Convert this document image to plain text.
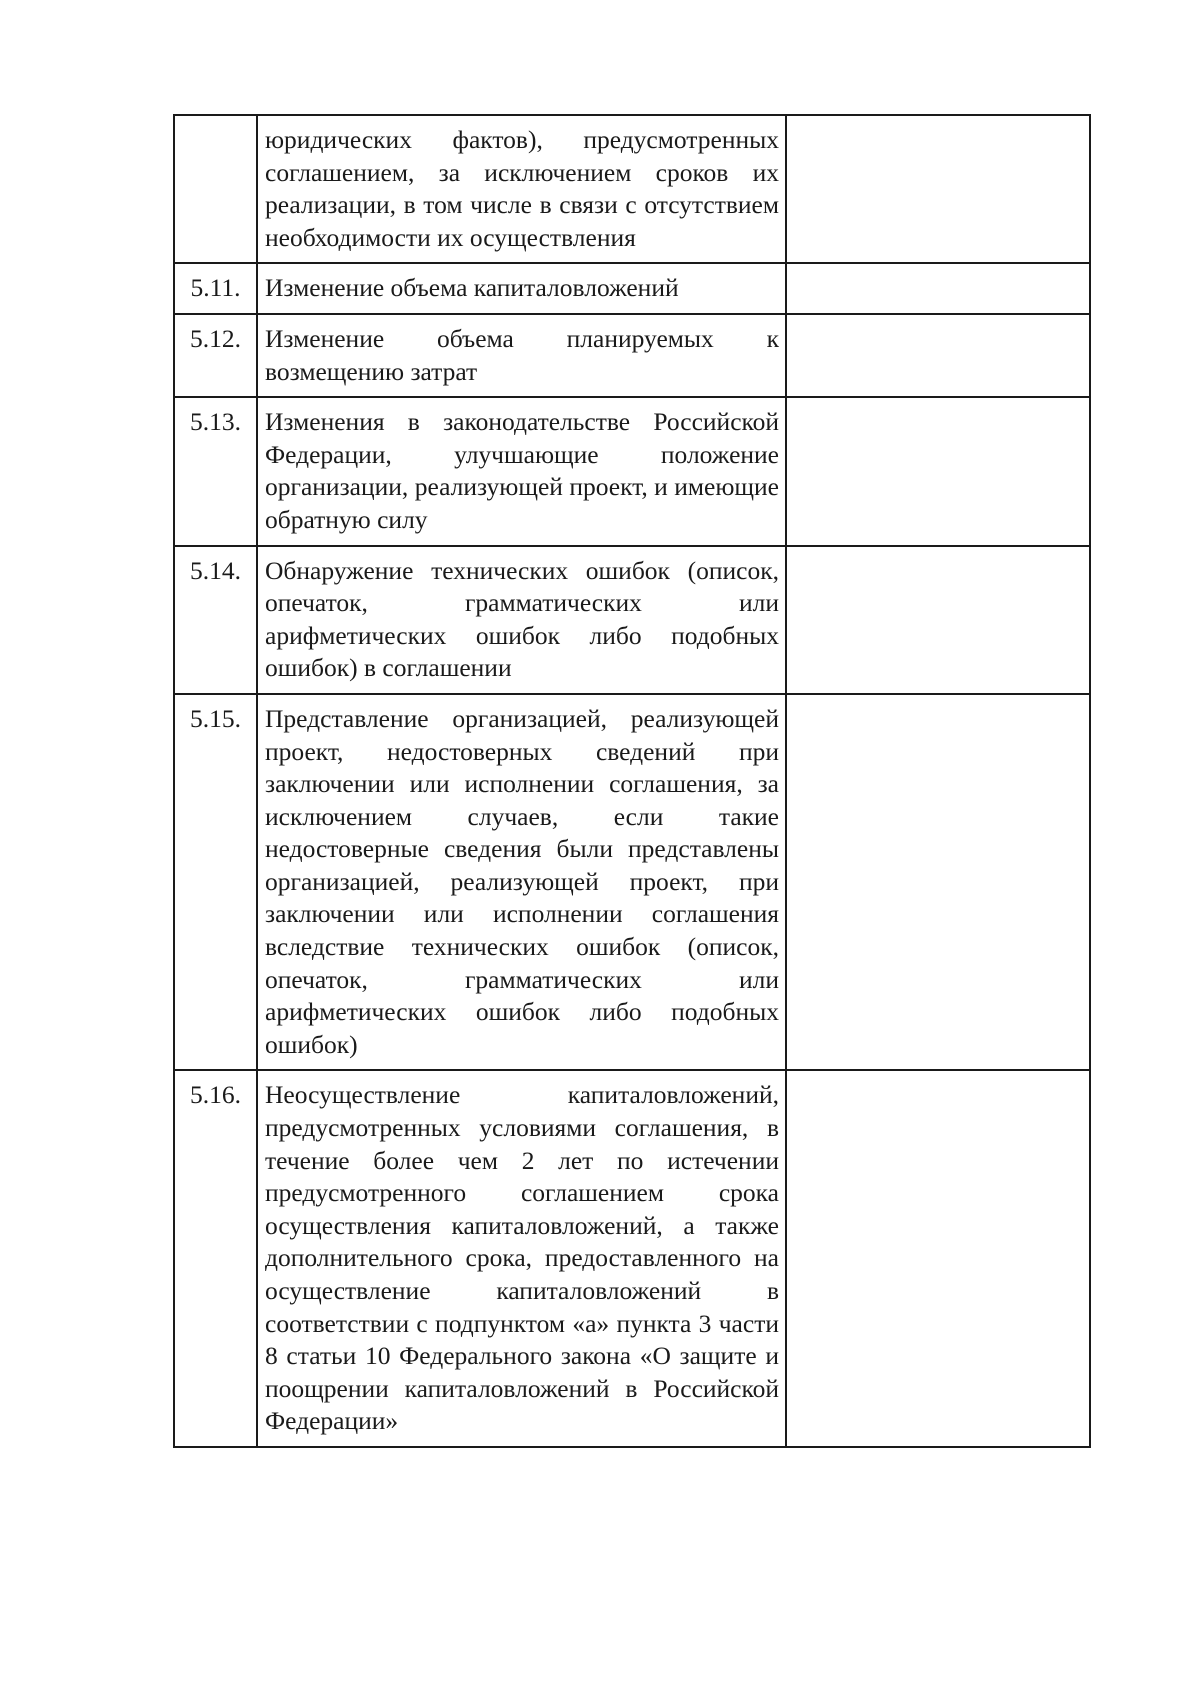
	юридических фактов), предусмотренных соглашением, за исключением сроков их реализации, в том числе в связи с отсутствием необходимости их осуществления	
5.11.	Изменение объема капиталовложений	
5.12.	Изменение объема планируемых к возмещению затрат	
5.13.	Изменения в законодательстве Российской Федерации, улучшающие положение организации, реализующей проект, и имеющие обратную силу	
5.14.	Обнаружение технических ошибок (описок, опечаток, грамматических или арифметических ошибок либо подобных ошибок) в соглашении	
5.15.	Представление организацией, реализующей проект, недостоверных сведений при заключении или исполнении соглашения, за исключением случаев, если такие недостоверные сведения были представлены организацией, реализующей проект, при заключении или исполнении соглашения вследствие технических ошибок (описок, опечаток, грамматических или арифметических ошибок либо подобных ошибок)	
5.16.	Неосуществление капиталовложений, предусмотренных условиями соглашения, в течение более чем 2 лет по истечении предусмотренного соглашением срока осуществления капиталовложений, а также дополнительного срока, предоставленного на осуществление капиталовложений в соответствии с подпунктом «а» пункта 3 части 8 статьи 10 Федерального закона «О защите и поощрении капиталовложений в Российской Федерации»	
